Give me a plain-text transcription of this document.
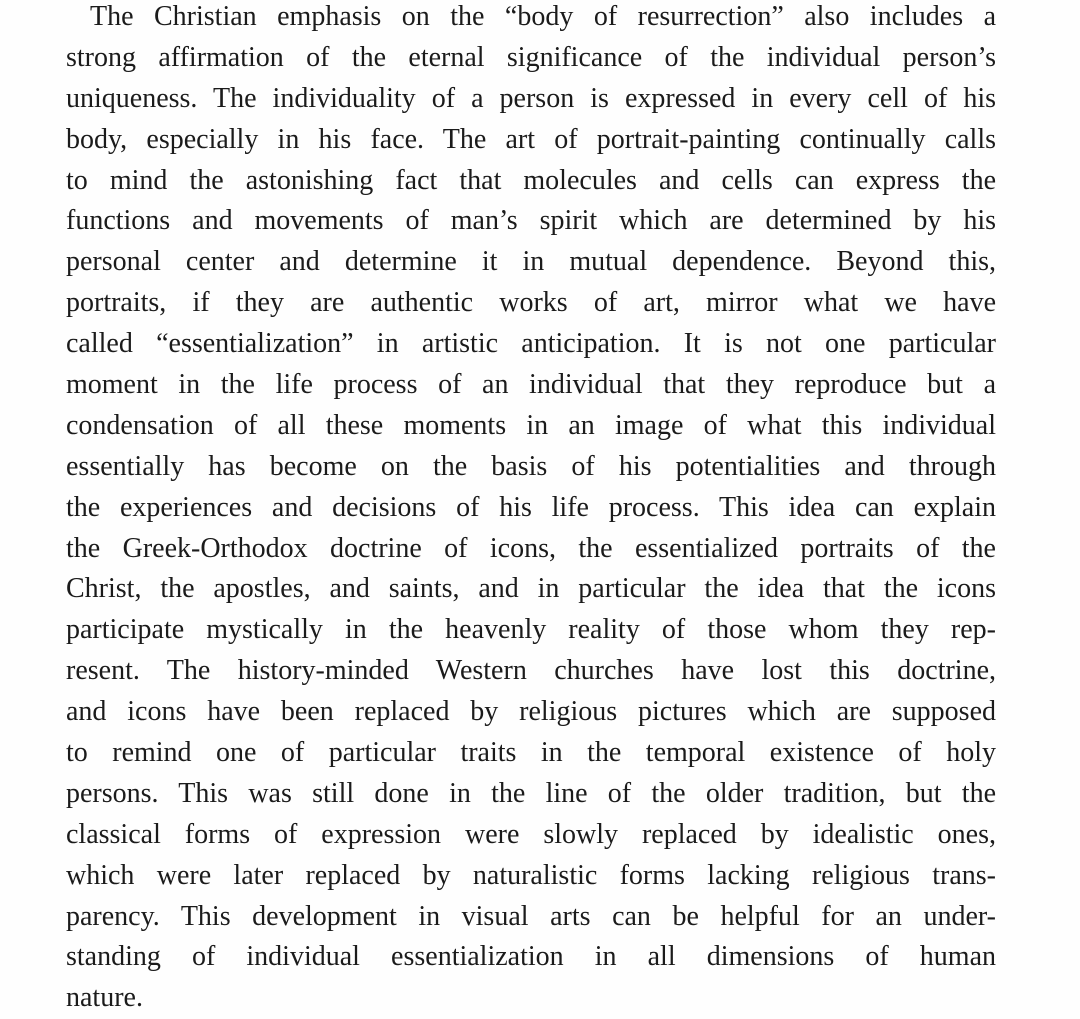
The Christian emphasis on the “body of resurrection” also includes a
strong affirmation of the eternal significance of the individual person’s
uniqueness. The individuality of a person is expressed in every cell of his
body, especially in his face. The art of portrait-painting continually calls
to mind the astonishing fact that molecules and cells can express the
functions and movements of man’s spirit which are determined by his
personal center and determine it in mutual dependence. Beyond this,
portraits, if they are authentic works of art, mirror what we have
called “essentialization” in artistic anticipation. It is not one particular
moment in the life process of an individual that they reproduce but a
condensation of all these moments in an image of what this individual
essentially has become on the basis of his potentialities and through
the experiences and decisions of his life process. This idea can explain
the Greek-Orthodox doctrine of icons, the essentialized portraits of the
Christ, the apostles, and saints, and in particular the idea that the icons
participate mystically in the heavenly reality of those whom they rep-
resent. The history-minded Western churches have lost this doctrine,
and icons have been replaced by religious pictures which are supposed
to remind one of particular traits in the temporal existence of holy
persons. This was still done in the line of the older tradition, but the
classical forms of expression were slowly replaced by idealistic ones,
which were later replaced by naturalistic forms lacking religious trans-
parency. This development in visual arts can be helpful for an under-
standing of individual essentialization in all dimensions of human
nature.
